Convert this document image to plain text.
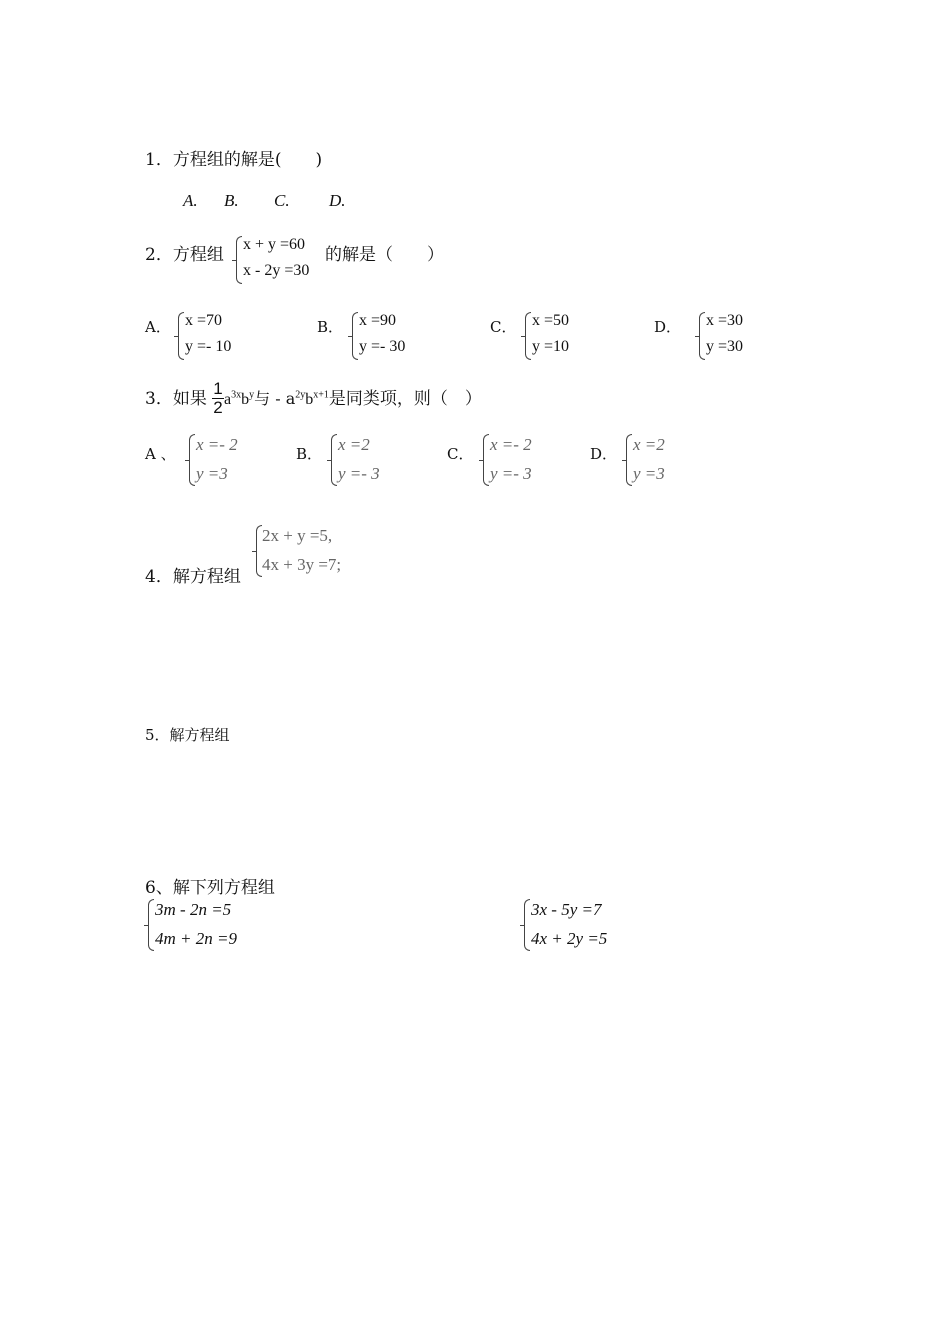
1．方程组的解是(　　)
A. B. C. D.
2．方程组
x + y =60
x - 2y =30
的解是（　　）
A． x =70
y =- 10
B． x =90
y =- 30
C． x =50
y =10
D． x =30
y =30
3．如果
1
2 $a^{3x}b^y$与 - $a^{2y}b^{x+1}$是同类项，则（　）
A 、 x =- 2
y =3
B． x =2
y =- 3
C． x =- 2
y =- 3
D． x =2
y =3
4．解方程组
2x + y =5,
4x + 3y =7;
5．解方程组
6、解下列方程组
3m - 2n =5
4m + 2n =9
3x - 5y =7
4x + 2y =5
